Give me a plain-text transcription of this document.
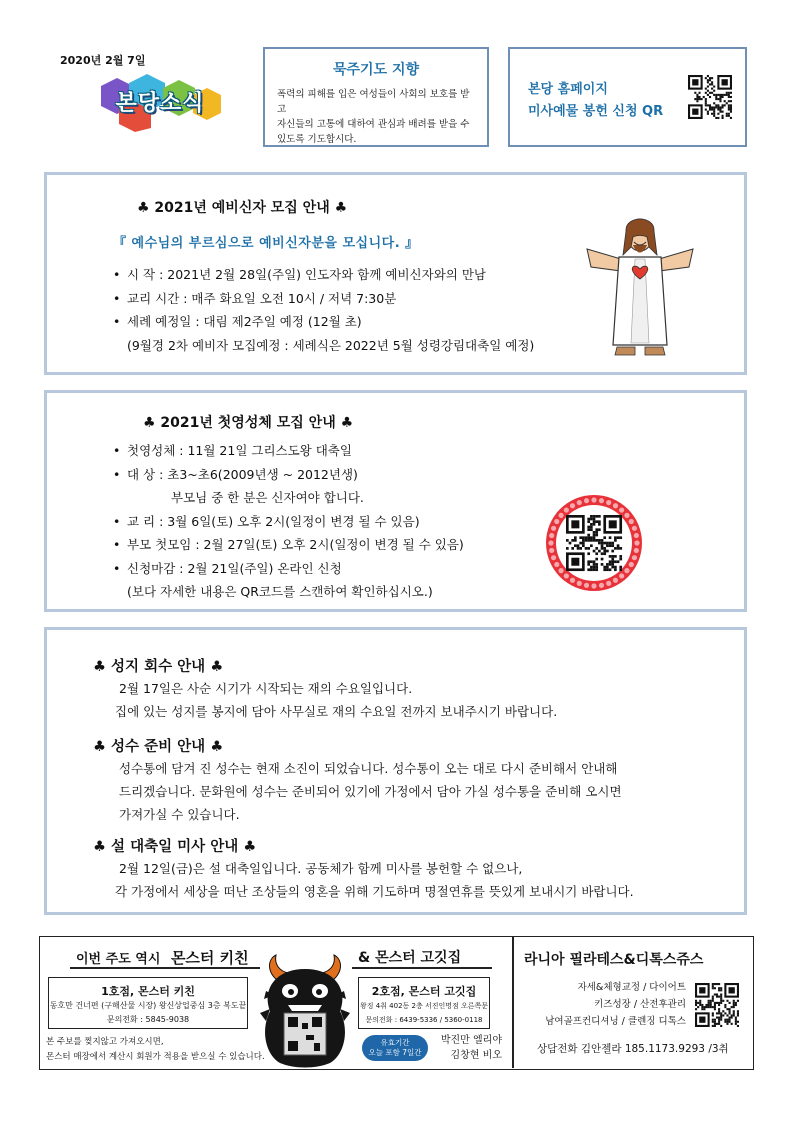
2020년 2월 7일
본당소식
묵주기도 지향
폭력의 피해를 입은 여성들이 사회의 보호를 받고
자신들의 고통에 대하여 관심과 배려를 받을 수
있도록 기도합시다.
본당 홈페이지
미사예물 봉헌 신청 QR
♣ 2021년 예비신자 모집 안내 ♣
『 예수님의 부르심으로 예비신자분을 모십니다. 』
• 시 작 : 2021년 2월 28일(주일) 인도자와 함께 예비신자와의 만남
• 교리 시간 : 매주 화요일 오전 10시 / 저녁 7:30분
• 세례 예정일 : 대림 제2주일 예정 (12월 초)
(9월경 2차 예비자 모집예정 : 세례식은 2022년 5월 성령강림대축일 예정)
♣ 2021년 첫영성체 모집 안내 ♣
• 첫영성체 : 11월 21일 그리스도왕 대축일
• 대 상 : 초3~초6(2009년생 ~ 2012년생)
부모님 중 한 분은 신자여야 합니다.
• 교 리 : 3월 6일(토) 오후 2시(일정이 변경 될 수 있음)
• 부모 첫모임 : 2월 27일(토) 오후 2시(일정이 변경 될 수 있음)
• 신청마감 : 2월 21일(주일) 온라인 신청
(보다 자세한 내용은 QR코드를 스캔하여 확인하십시오.)
♣ 성지 회수 안내 ♣
2월 17일은 사순 시기가 시작되는 재의 수요일입니다.
집에 있는 성지를 봉지에 담아 사무실로 재의 수요일 전까지 보내주시기 바랍니다.
♣ 성수 준비 안내 ♣
성수통에 담겨 진 성수는 현재 소진이 되었습니다. 성수통이 오는 대로 다시 준비해서 안내해
드리겠습니다. 문화원에 성수는 준비되어 있기에 가정에서 담아 가실 성수통을 준비해 오시면
가져가실 수 있습니다.
♣ 설 대축일 미사 안내 ♣
2월 12일(금)은 설 대축일입니다. 공동체가 함께 미사를 봉헌할 수 없으나,
각 가정에서 세상을 떠난 조상들의 영혼을 위해 기도하며 명절연휴를 뜻있게 보내시기 바랍니다.
이번 주도 역시 몬스터 키친	& 몬스터 고깃집
1호점, 몬스터 키친
동호만 건너편 (구해산물 시장) 왕신상업중심 3층 복도끝
문의전화 : 5845-9038
2호점, 몬스터 고깃집
왕징 4취 402동 2층 서진인명점 오른쪽문
문의전화 : 6439-5336 / 5360-0118
본 주보를 찢지않고 가져오시면,
몬스터 매장에서 계산시 회원가 적용을 받으실 수 있습니다.
유효기간
오늘 포함 7일간
박진만 엘리야
김창현 비오
라니아 필라테스&디톡스쥬스
자세&체형교정 / 다이어트
키즈성장 / 산전후관리
남여골프컨디셔닝 / 클렌징 디톡스
상담전화 김안젤라 185.1173.9293 /3취
